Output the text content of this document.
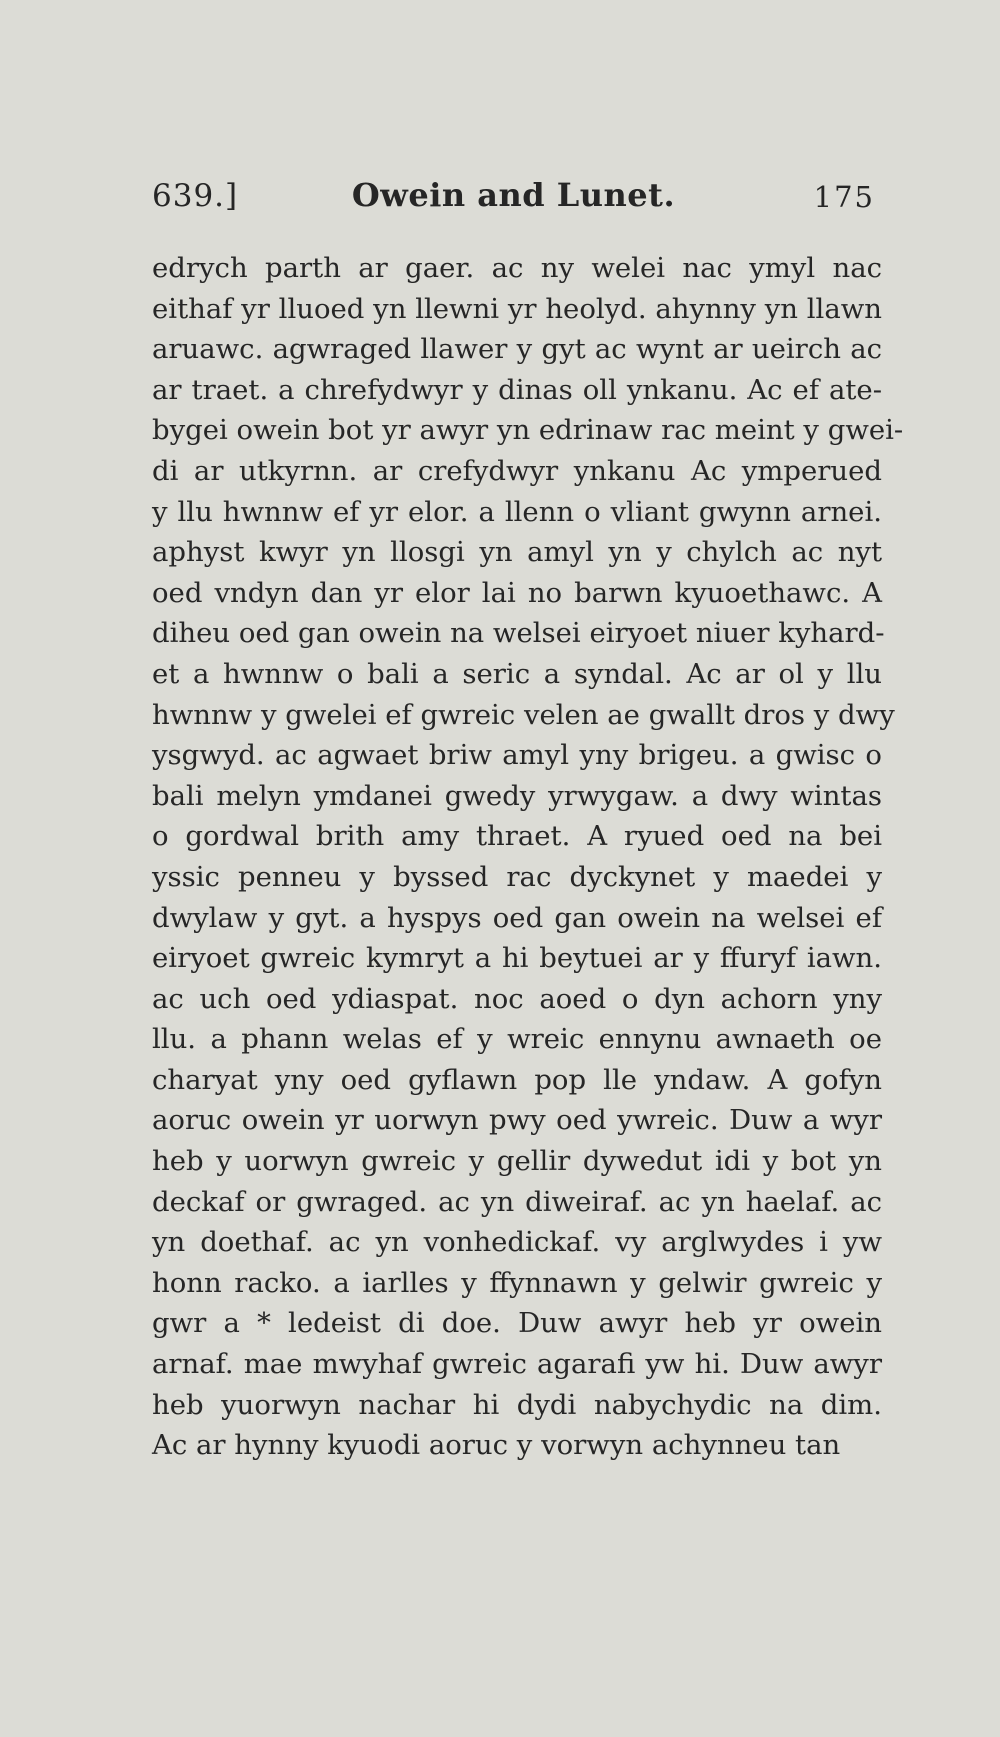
639.]	Owein and Lunet.	175
edrych parth ar gaer. ac ny welei nac ymyl nac
eithaf yr lluoed yn llewni yr heolyd. ahynny yn llawn
aruawc. agwraged llawer y gyt ac wynt ar ueirch ac
ar traet. a chrefydwyr y dinas oll ynkanu. Ac ef ate-
bygei owein bot yr awyr yn edrinaw rac meint y gwei-
di ar utkyrnn. ar crefydwyr ynkanu Ac ymperued
y llu hwnnw ef yr elor. a llenn o vliant gwynn arnei.
aphyst kwyr yn llosgi yn amyl yn y chylch ac nyt
oed vndyn dan yr elor lai no barwn kyuoethawc. A
diheu oed gan owein na welsei eiryoet niuer kyhard-
et a hwnnw o bali a seric a syndal. Ac ar ol y llu
hwnnw y gwelei ef gwreic velen ae gwallt dros y dwy
ysgwyd. ac agwaet briw amyl yny brigeu. a gwisc o
bali melyn ymdanei gwedy yrwygaw. a dwy wintas
o gordwal brith amy thraet. A ryued oed na bei
yssic penneu y byssed rac dyckynet y maedei y
dwylaw y gyt. a hyspys oed gan owein na welsei ef
eiryoet gwreic kymryt a hi beytuei ar y ffuryf iawn.
ac uch oed ydiaspat. noc aoed o dyn achorn yny
llu. a phann welas ef y wreic ennynu awnaeth oe
charyat yny oed gyflawn pop lle yndaw. A gofyn
aoruc owein yr uorwyn pwy oed ywreic. Duw a wyr
heb y uorwyn gwreic y gellir dywedut idi y bot yn
deckaf or gwraged. ac yn diweiraf. ac yn haelaf. ac
yn doethaf. ac yn vonhedickaf. vy arglwydes i yw
honn racko. a iarlles y ffynnawn y gelwir gwreic y
gwr a * ledeist di doe. Duw awyr heb yr owein
arnaf. mae mwyhaf gwreic agarafi yw hi. Duw awyr
heb yuorwyn nachar hi dydi nabychydic na dim.
Ac ar hynny kyuodi aoruc y vorwyn achynneu tan
